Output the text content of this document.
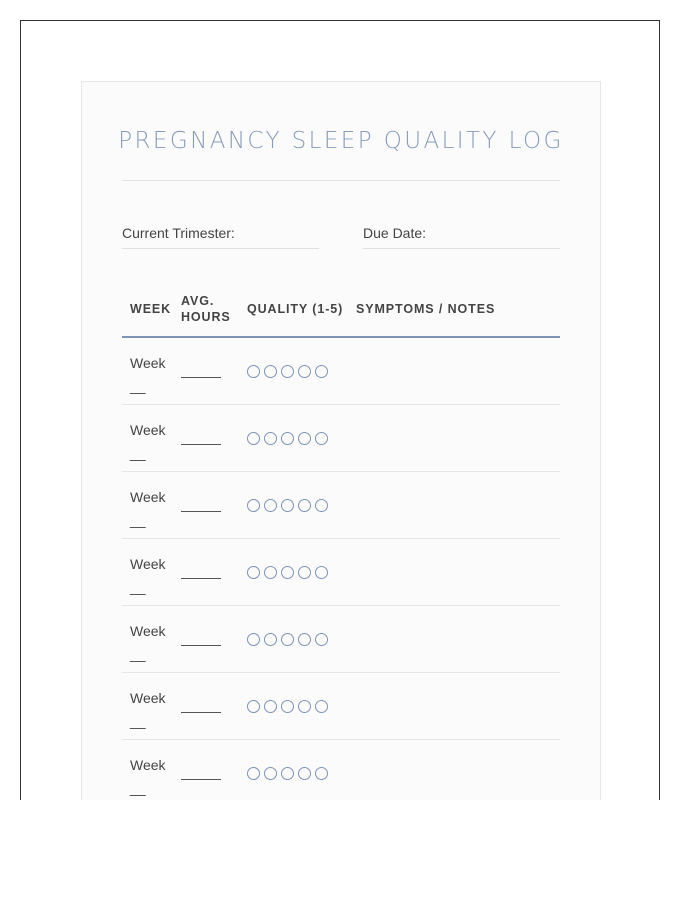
PREGNANCY SLEEP QUALITY LOG
Current Trimester:	Due Date:
WEEK
AVG.
HOURS
QUALITY (1-5) SYMPTOMS / NOTES
Week
__
Week
__
Week
__
Week
__
Week
__
Week
__
Week
__
